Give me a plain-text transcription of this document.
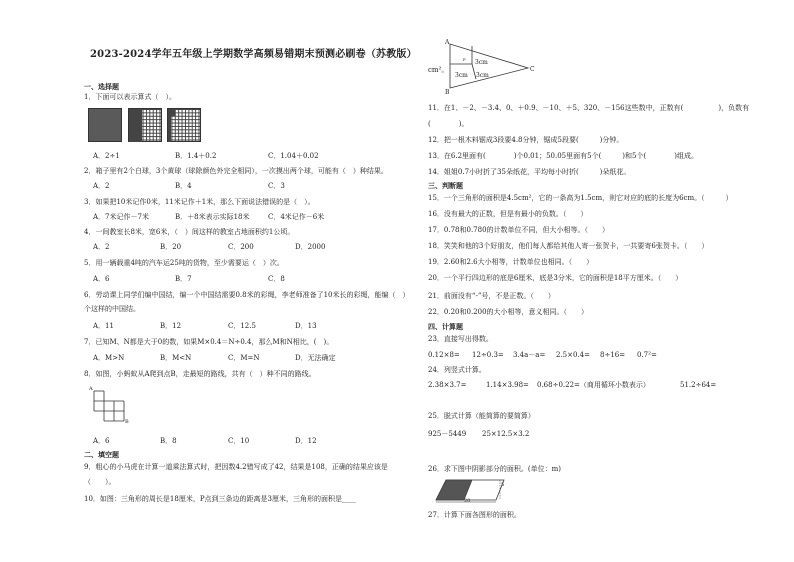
2023-2024学年五年级上学期数学高频易错期末预测必刷卷（苏教版）
一、选择题
1．下面可以表示算式（　）。
A．2÷1	B．1.4＋0.2	C．1.04＋0.02
2．箱子里有2个白球，3个黄球（球除颜色外完全相同），一次摸出两个球，可能有（　）种结果。
A．2	B．4	C．3
3．如果把10米记作0米，11米记作＋1米，那么下面说法错误的是（　）。
A．7米记作－7米	B．＋8米表示实际18米	C．4米记作－6米
4．一间教室长8米，宽6米，（　）间这样的教室占地面积约1公顷。
A．2	B．20	C．200	D．2000
5．用一辆载重4吨的汽车运25吨的货物，至少需要运（　）次。
A．6	B．7	C．8
6．劳动课上同学们编中国结，编一个中国结需要0.8米的彩绳，李老师准备了10米长的彩绳，能编（　）
个这样的中国结。
A．11	B．12	C．12.5	D．13
7．已知M、N都是大于0的数，如果M×0.4＝N÷0.4，那么M和N相比，(　)。
A．M>N	B．M<N	C．M=N	D．无法确定
8．如图，小蚂蚁从A爬到点B，走最短的路线，共有（　）种不同的路线。
A
B
A．6	B．8	C．10	D．12
二、填空题
9．粗心的小马虎在计算一道乘法算式时，把因数4.2错写成了42，结果是108，正确的结果应该是
（　　）。
10．如图：三角形的周长是18厘米，P点到三条边的距离是3厘米，三角形的面积是____
A
B
C
P 3cm
3cm 3cm
cm²。
11．在1、－2、－3.4、0、＋0.9、－10、＋5、320、－156这些数中，正数有(　　　　　)，负数有
(　　　　)。
12．把一根木料锯成3段要4.8分钟，锯成5段要(　　　)分钟。
13．在6.2里面有(　　　　)个0.01；50.05里面有5个(　　　)和5个(　　　　)组成。
14．姐姐0.7小时折了35朵纸花，平均每小时折(　　　)朵纸花。
三、判断题
15．一个三角形的面积是4.5cm²，它的一条高为1.5cm，则它对应的底的长度为6cm。（　　　）
16．没有最大的正数，但是有最小的负数。（　　）
17．0.78和0.780的计数单位不同，但大小相等。（　　）
18．笑笑和他的3个好朋友，他们每人都给其他人寄一张贺卡，一共要寄6张贺卡。（　　）
19．2.60和2.6大小相等，计数单位也相同。（　　）
20．一个平行四边形的底是6厘米，底是3分米，它的面积是18平方厘米。（　　）
21．前面没有“-”号，不是正数。（　　）
22．0.20和0.200的大小相等，意义相同。（　　）
四、计算题
23．直接写出得数。
0.12×8= 12÷0.3= 3.4a－a= 2.5×0.4= 8÷16= 0.7²=
24．列竖式计算。
2.38×3.7=	1.14×3.98= 0.68÷0.22=（商用循环小数表示）	51.2÷64=
25．脱式计算（能简算的要简算）
925－5449 25×12.5×3.2
26．求下图中阴影部分的面积。(单位：m)
5
20
27．计算下面各图形的面积。
